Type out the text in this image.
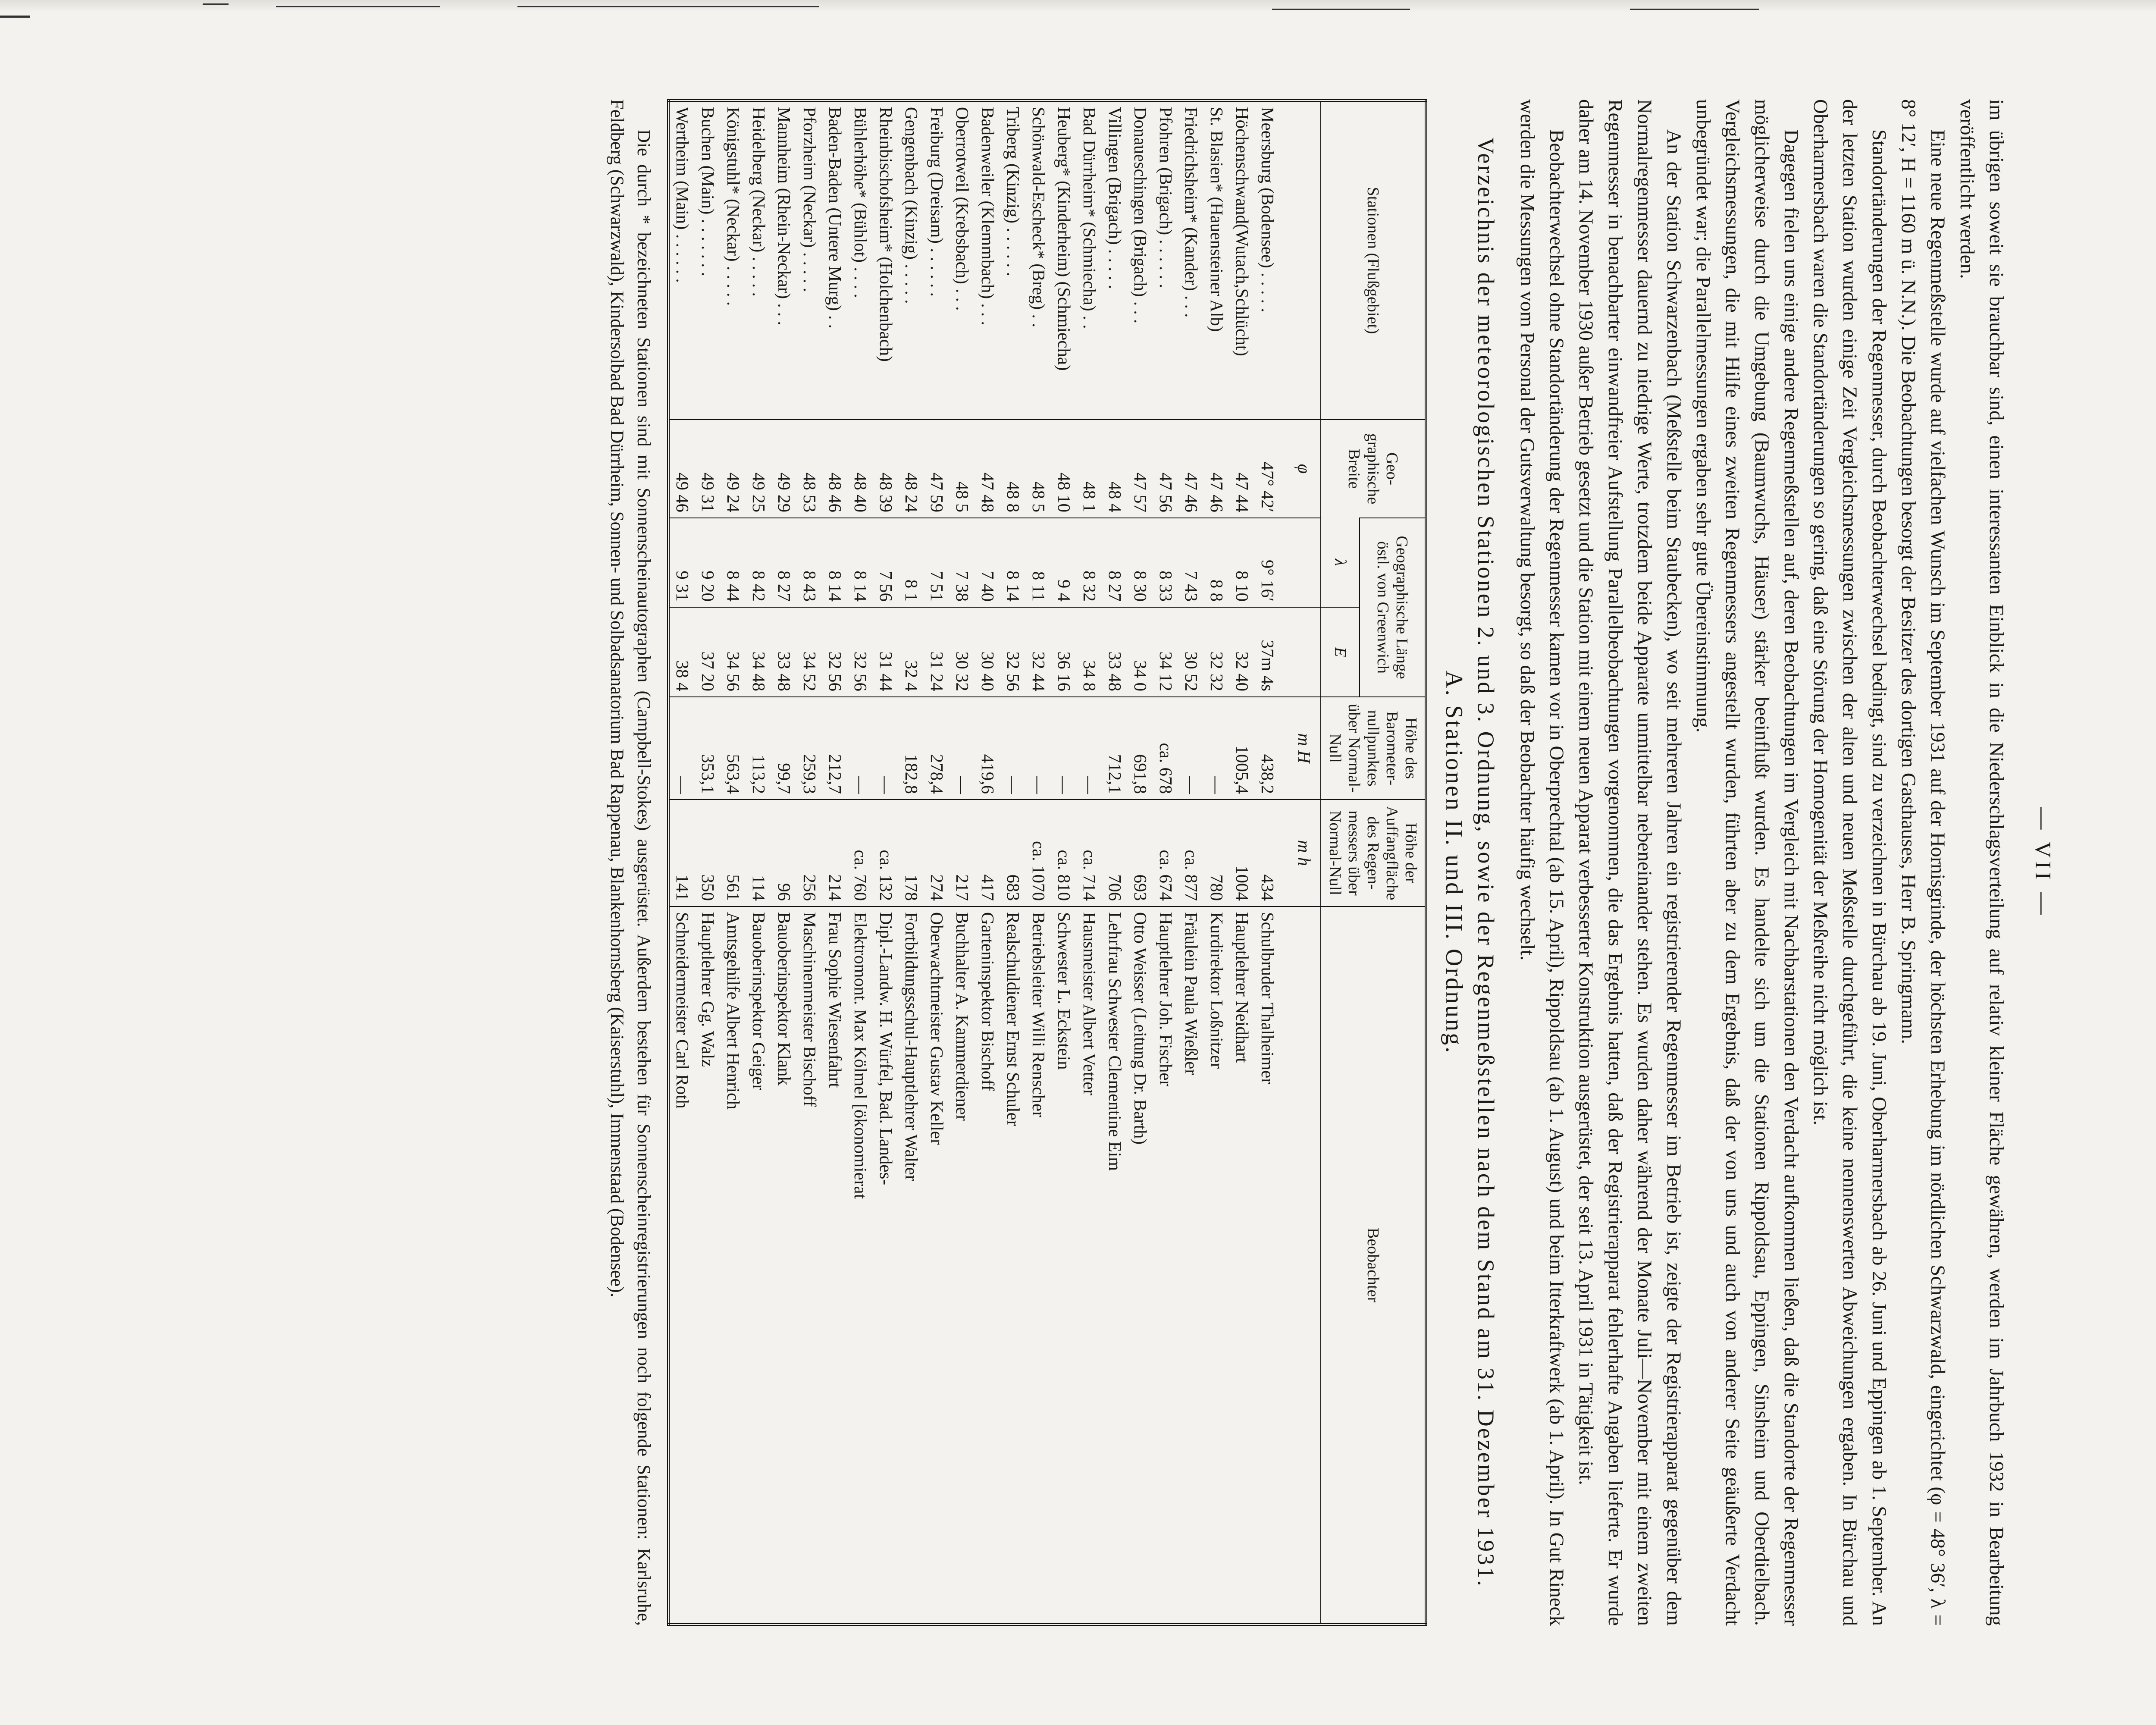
— VII —

im übrigen soweit sie brauchbar sind, einen interessanten Einblick in die Niederschlagsverteilung auf relativ kleiner Fläche gewähren, werden im Jahrbuch 1932 in Bearbeitung veröffentlicht werden.

Eine neue Regenmeßstelle wurde auf vielfachen Wunsch im September 1931 auf der Hornisgrinde, der höchsten Erhebung im nördlichen Schwarzwald, eingerichtet (φ = 48° 36′, λ = 8° 12′, H = 1160 m ü. N.N.). Die Beobachtungen besorgt der Besitzer des dortigen Gasthauses, Herr B. Springmann.

Standortänderungen der Regenmesser, durch Beobachterwechsel bedingt, sind zu verzeichnen in Bürchau ab 19. Juni, Oberharmersbach ab 26. Juni und Eppingen ab 1. September. An der letzten Station wurden einige Zeit Vergleichsmessungen zwischen der alten und neuen Meßstelle durchgeführt, die keine nennenswerten Abweichungen ergaben. In Bürchau und Oberharmersbach waren die Standortänderungen so gering, daß eine Störung der Homogenität der Meßreihe nicht möglich ist.

Dagegen fielen uns einige andere Regenmeßstellen auf, deren Beobachtungen im Vergleich mit Nachbarstationen den Verdacht aufkommen ließen, daß die Standorte der Regenmesser möglicherweise durch die Umgebung (Baumwuchs, Häuser) stärker beeinflußt wurden. Es handelte sich um die Stationen Rippoldsau, Eppingen, Sinsheim und Oberdielbach. Vergleichsmessungen, die mit Hilfe eines zweiten Regenmessers angestellt wurden, führten aber zu dem Ergebnis, daß der von uns und auch von anderer Seite geäußerte Verdacht unbegründet war; die Parallelmessungen ergaben sehr gute Übereinstimmung.

An der Station Schwarzenbach (Meßstelle beim Staubecken), wo seit mehreren Jahren ein registrierender Regenmesser im Betrieb ist, zeigte der Registrierapparat gegenüber dem Normalregenmesser dauernd zu niedrige Werte, trotzdem beide Apparate unmittelbar nebeneinander stehen. Es wurden daher während der Monate Juli—November mit einem zweiten Regenmesser in benachbarter einwandfreier Aufstellung Parallelbeobachtungen vorgenommen, die das Ergebnis hatten, daß der Registrierapparat fehlerhafte Angaben lieferte. Er wurde daher am 14. November 1930 außer Betrieb gesetzt und die Station mit einem neuen Apparat verbesserter Konstruktion ausgerüstet, der seit 13. April 1931 in Tätigkeit ist.

Beobachterwechsel ohne Standortänderung der Regenmesser kamen vor in Oberprechtal (ab 15. April), Rippoldsau (ab 1. August) und beim Itterkraftwerk (ab 1. April). In Gut Rineck werden die Messungen vom Personal der Gutsverwaltung besorgt, so daß der Beobachter häufig wechselt.

Verzeichnis der meteorologischen Stationen 2. und 3. Ordnung, sowie der Regenmeßstellen nach dem Stand am 31. Dezember 1931.
A. Stationen II. und III. Ordnung.
Stationen (Flußgebiet)	Geo-graphische Breite	Geographische Länge östl. von Greenwich		Höhe des Barometer-nullpunktes über Normal-Null	Höhe der Auffangfläche des Regen-messers über Normal-Null	Beobachter
		λ	E			
	φ			m H	m h	
Meersburg (Bodensee) . . . . .	47° 42′	9° 16′	37m 4s	438,2	434	Schulbruder Thalheimer
Höchenschwand(Wutach,Schlücht)	47 44	8 10	32 40	1005,4	1004	Hauptlehrer Neidhart
St. Blasien* (Hauensteiner Alb)	47 46	8 8	32 32	—	780	Kurdirektor Loßnitzer
Friedrichsheim* (Kander) . . .	47 46	7 43	30 52	—	ca. 877	Fräulein Paula Wießler
Pfohren (Brigach) . . . . . .	47 56	8 33	34 12	ca. 678	ca. 674	Hauptlehrer Joh. Fischer
Donaueschingen (Brigach) . . .	47 57	8 30	34 0	691,8	693	Otto Weisser (Leitung Dr. Barth)
Villingen (Brigach) . . . . .	48 4	8 27	33 48	712,1	706	Lehrfrau Schwester Clementine Eim
Bad Dürrheim* (Schmiecha) . .	48 1	8 32	34 8	—	ca. 714	Hausmeister Albert Vetter
Heuberg* (Kinderheim) (Schmiecha)	48 10	9 4	36 16	—	ca. 810	Schwester L. Eckstein
Schönwald-Escheck* (Breg) . .	48 5	8 11	32 44	—	ca. 1070	Betriebsleiter Willi Renscher
Triberg (Kinzig) . . . . . .	48 8	8 14	32 56	—	683	Realschuldiener Ernst Schuler
Badenweiler (Klemmbach) . . .	47 48	7 40	30 40	419,6	417	Garteninspektor Bischoff
Oberrotweil (Krebsbach) . . .	48 5	7 38	30 32	—	217	Buchhalter A. Kammerdiener
Freiburg (Dreisam) . . . . . .	47 59	7 51	31 24	278,4	274	Oberwachtmeister Gustav Keller
Gengenbach (Kinzig) . . . . .	48 24	8 1	32 4	182,8	178	Fortbildungsschul-Hauptlehrer Walter
Rheinbischofsheim* (Holchenbach)	48 39	7 56	31 44	—	ca. 132	Dipl.-Landw. H. Würfel, Bad. Landes-
Bühlerhöhe* (Bühlot) . . . .	48 40	8 14	32 56	—	ca. 760	Elektromont. Max Kölmel [ökonomierat
Baden-Baden (Untere Murg) . .	48 46	8 14	32 56	212,7	214	Frau Sophie Wiesenfahrt
Pforzheim (Neckar) . . . . .	48 53	8 43	34 52	259,3	256	Maschinenmeister Bischoff
Mannheim (Rhein-Neckar) . . .	49 29	8 27	33 48	99,7	96	Bauoberinspektor Klank
Heidelberg (Neckar) . . . . .	49 25	8 42	34 48	113,2	114	Bauoberinspektor Geiger
Königstuhl* (Neckar) . . . . .	49 24	8 44	34 56	563,4	561	Amtsgehilfe Albert Henrich
Buchen (Main) . . . . . . .	49 31	9 20	37 20	353,1	350	Hauptlehrer Gg. Walz
Wertheim (Main) . . . . . .	49 46	9 31	38 4	—	141	Schneidermeister Carl Roth

Die durch * bezeichneten Stationen sind mit Sonnenscheinautographen (Campbell-Stokes) ausgerüstet. Außerdem bestehen für Sonnenscheinregistrierungen noch folgende Stationen: Karlsruhe, Feldberg (Schwarzwald), Kindersolbad Bad Dürrheim, Sonnen- und Solbadsanatorium Bad Rappenau, Blankenhornsberg (Kaiserstuhl), Immenstaad (Bodensee).
